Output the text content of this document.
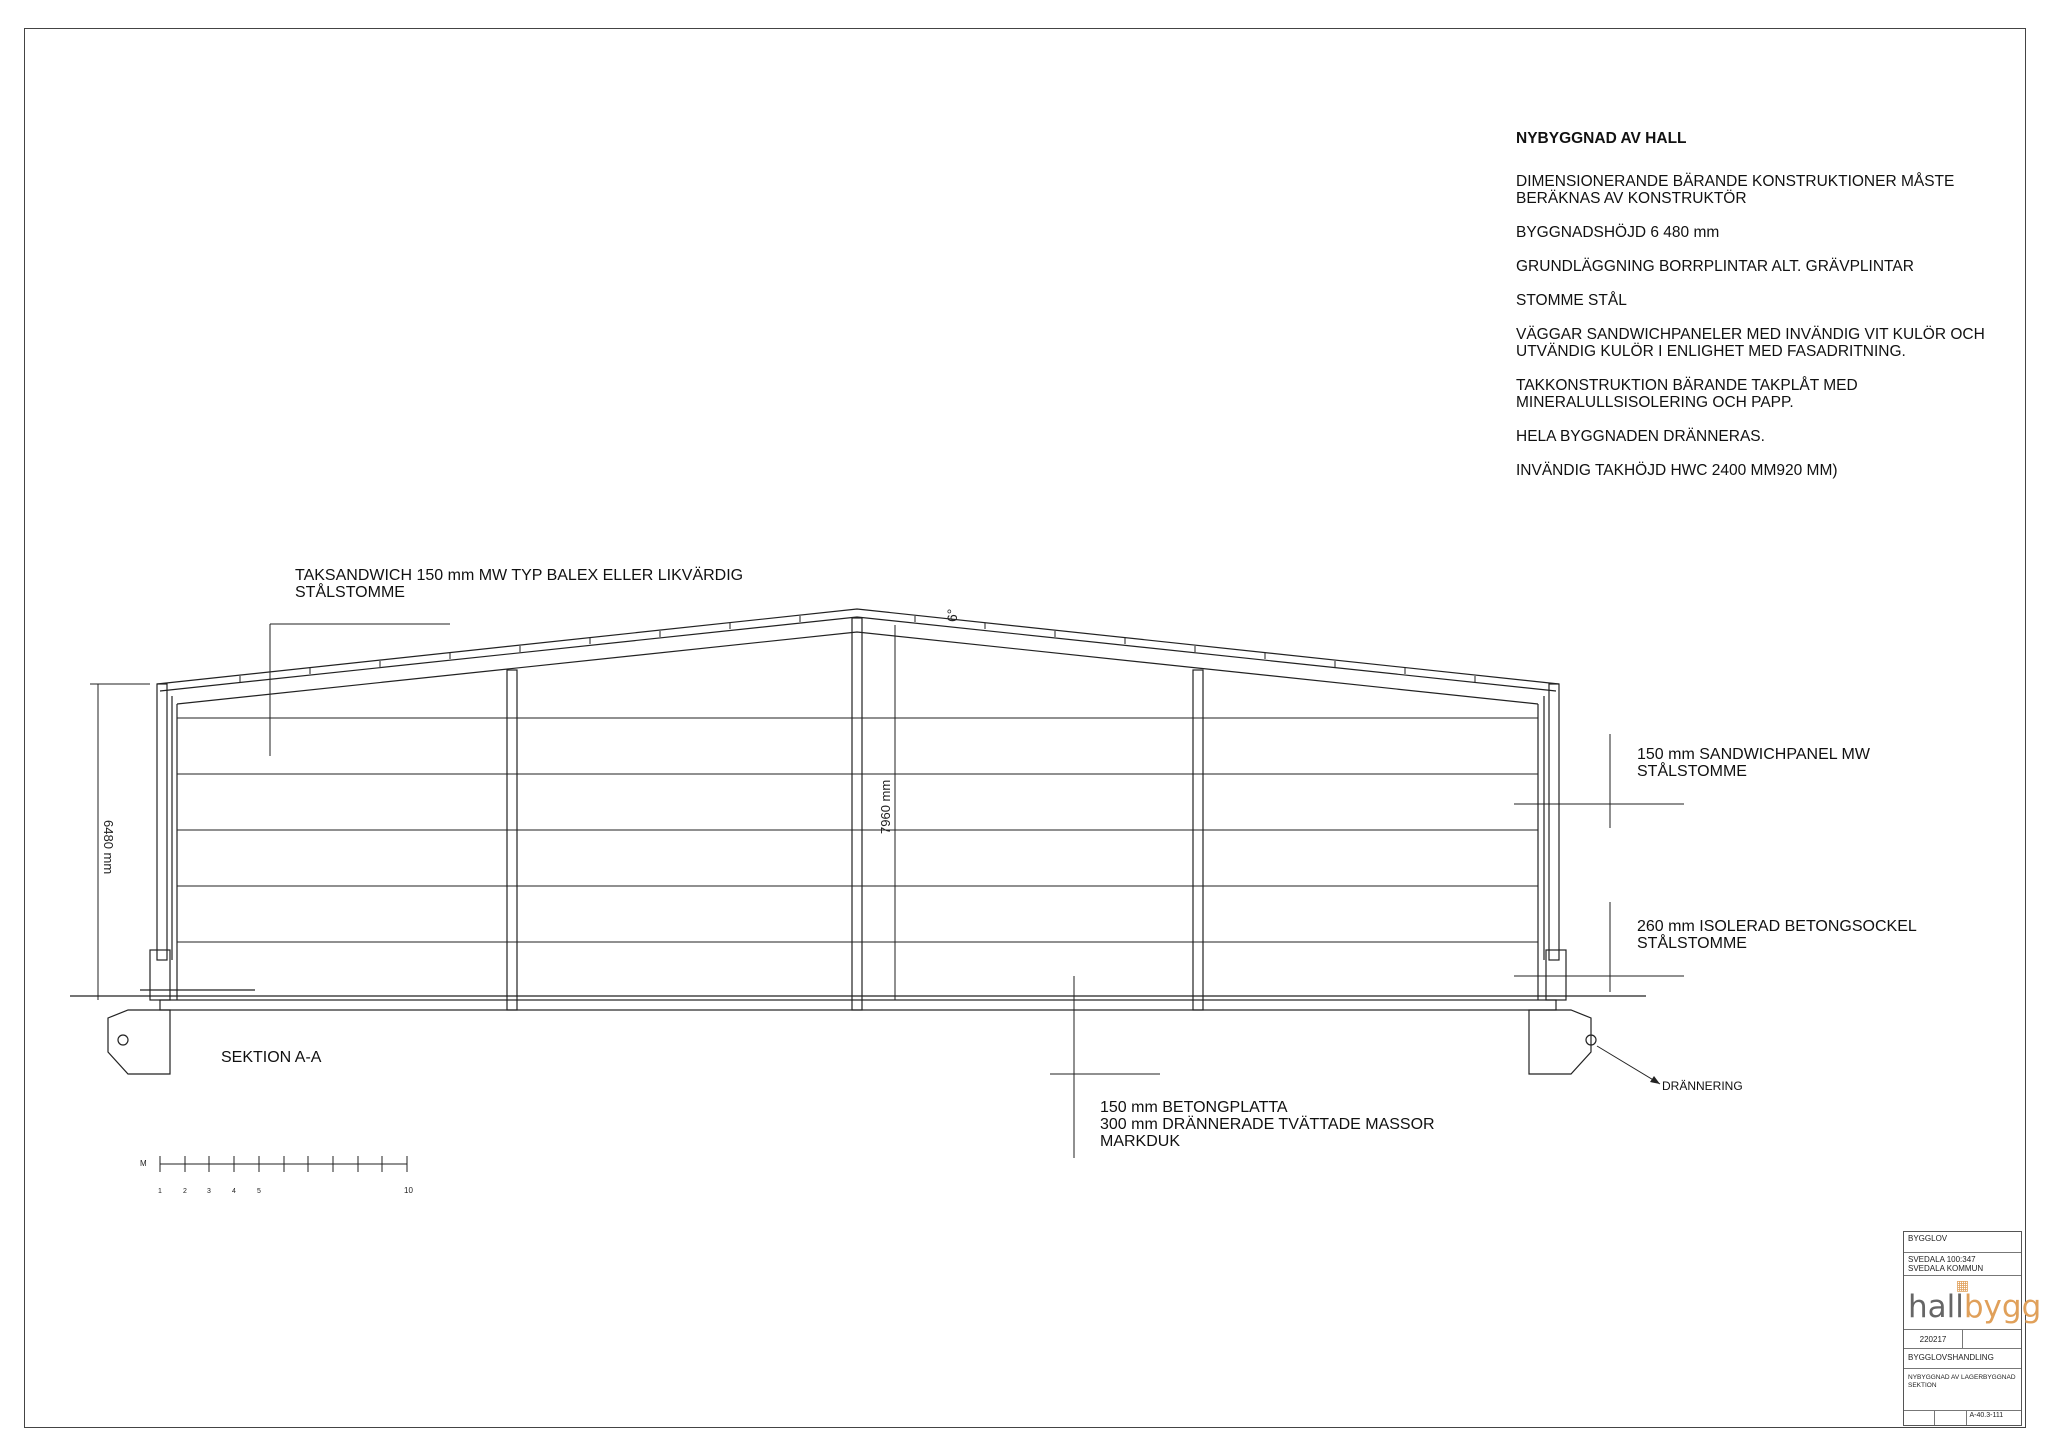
NYBYGGNAD AV HALL

DIMENSIONERANDE BÄRANDE KONSTRUKTIONER MÅSTE
BERÄKNAS AV KONSTRUKTÖR

BYGGNADSHÖJD 6 480 mm

GRUNDLÄGGNING BORRPLINTAR ALT. GRÄVPLINTAR

STOMME STÅL

VÄGGAR SANDWICHPANELER MED INVÄNDIG VIT KULÖR OCH
UTVÄNDIG KULÖR I ENLIGHET MED FASADRITNING.

TAKKONSTRUKTION BÄRANDE TAKPLÅT MED
MINERALULLSISOLERING OCH PAPP.

HELA BYGGNADEN DRÄNNERAS.

INVÄNDIG TAKHÖJD HWC 2400 MM920 MM)

6480 mm
7960 mm
6°
M
1	2	3	4	5	10
TAKSANDWICH 150 mm MW TYP BALEX ELLER LIKVÄRDIG
STÅLSTOMME
150 mm SANDWICHPANEL MW
STÅLSTOMME
260 mm ISOLERAD BETONGSOCKEL
STÅLSTOMME
150 mm BETONGPLATTA
300 mm DRÄNNERADE TVÄTTADE MASSOR
MARKDUK
SEKTION A-A
DRÄNNERING
BYGGLOV
SVEDALA 100:347
SVEDALA KOMMUN
▦
hallbygg
220217
BYGGLOVSHANDLING
NYBYGGNAD AV LAGERBYGGNAD
SEKTION
A-40.3-111
